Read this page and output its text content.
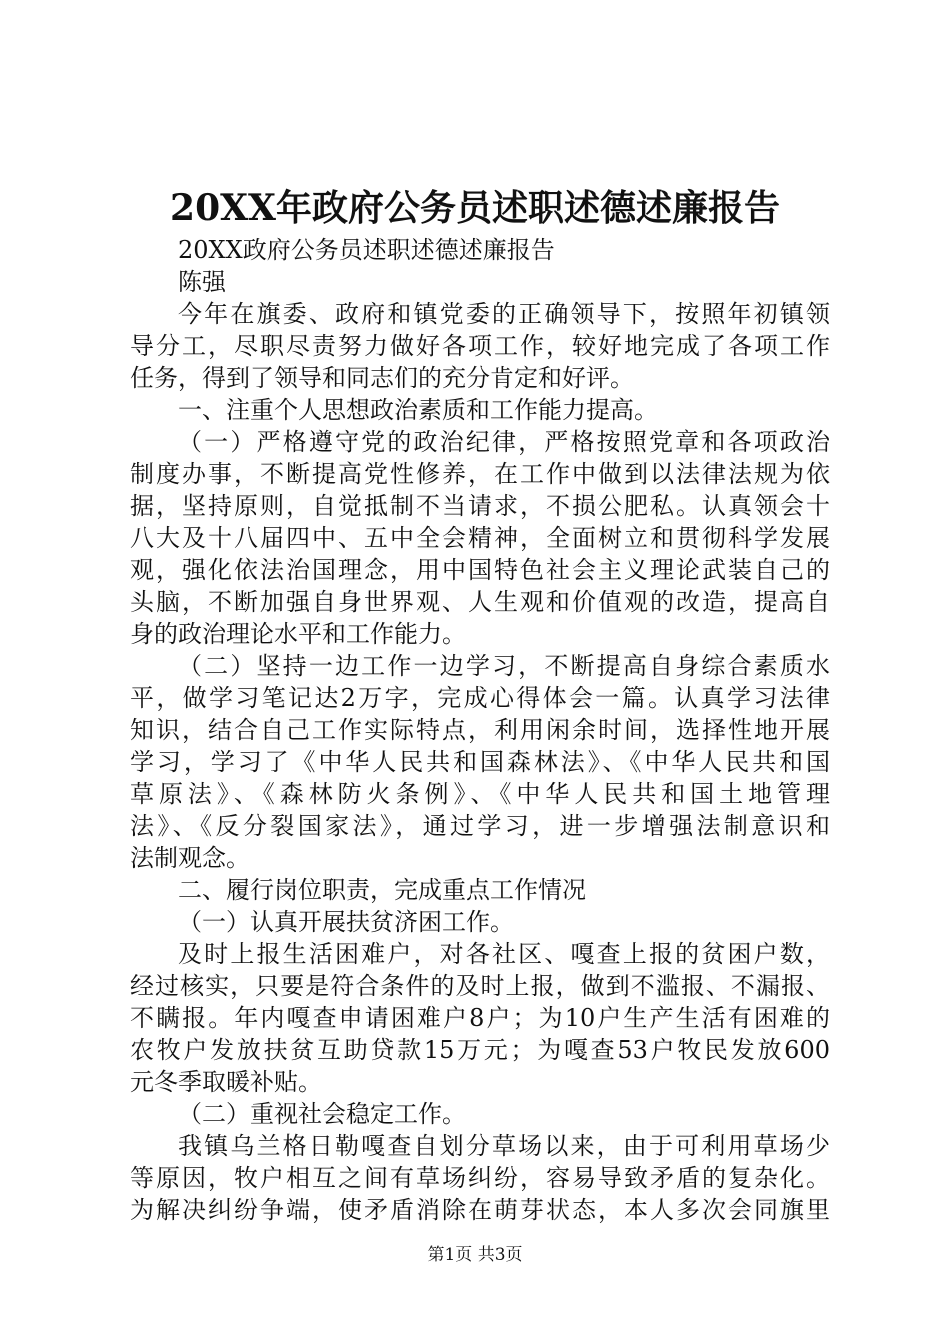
20XX年政府公务员述职述德述廉报告
20XX政府公务员述职述德述廉报告
陈强
今年在旗委、政府和镇党委的正确领导下，按照年初镇领
导分工，尽职尽责努力做好各项工作，较好地完成了各项工作
任务，得到了领导和同志们的充分肯定和好评。
一、注重个人思想政治素质和工作能力提高。
（一）严格遵守党的政治纪律，严格按照党章和各项政治
制度办事，不断提高党性修养，在工作中做到以法律法规为依
据，坚持原则，自觉抵制不当请求，不损公肥私。认真领会十
八大及十八届四中、五中全会精神，全面树立和贯彻科学发展
观，强化依法治国理念，用中国特色社会主义理论武装自己的
头脑，不断加强自身世界观、人生观和价值观的改造，提高自
身的政治理论水平和工作能力。
（二）坚持一边工作一边学习，不断提高自身综合素质水
平，做学习笔记达2万字，完成心得体会一篇。认真学习法律
知识，结合自己工作实际特点，利用闲余时间，选择性地开展
学习，学习了《中华人民共和国森林法》、《中华人民共和国
草原法》、《森林防火条例》、《中华人民共和国土地管理
法》、《反分裂国家法》，通过学习，进一步增强法制意识和
法制观念。
二、履行岗位职责，完成重点工作情况
（一）认真开展扶贫济困工作。
及时上报生活困难户，对各社区、嘎查上报的贫困户数，
经过核实，只要是符合条件的及时上报，做到不滥报、不漏报、
不瞒报。年内嘎查申请困难户8户；为10户生产生活有困难的
农牧户发放扶贫互助贷款15万元；为嘎查53户牧民发放600
元冬季取暖补贴。
（二）重视社会稳定工作。
我镇乌兰格日勒嘎查自划分草场以来，由于可利用草场少
等原因，牧户相互之间有草场纠纷，容易导致矛盾的复杂化。
为解决纠纷争端，使矛盾消除在萌芽状态，本人多次会同旗里
第1页 共3页
